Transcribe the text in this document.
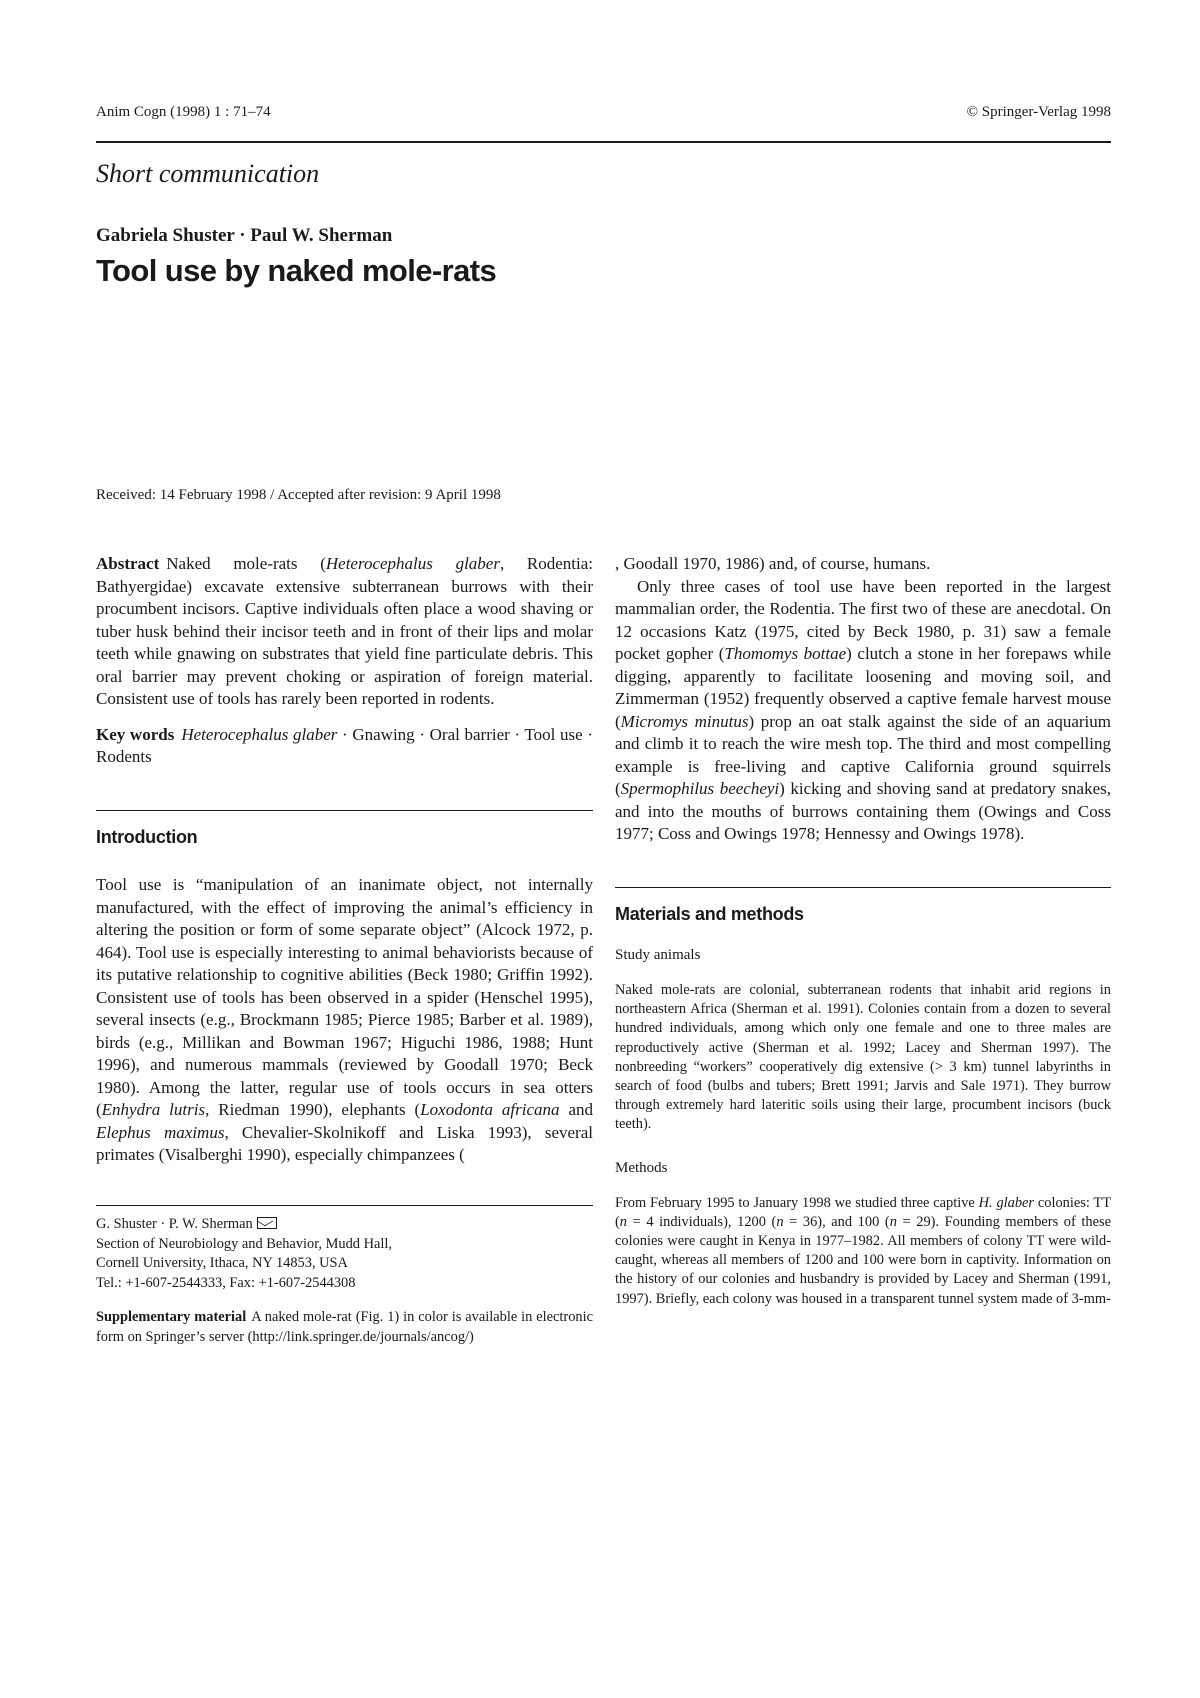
Anim Cogn (1998) 1 : 71–74	© Springer-Verlag 1998
Short communication
Gabriela Shuster · Paul W. Sherman
Tool use by naked mole-rats
Received: 14 February 1998 / Accepted after revision: 9 April 1998

Abstract Naked mole-rats (Heterocephalus glaber, Rodentia: Bathyergidae) excavate extensive subterranean burrows with their procumbent incisors. Captive individuals often place a wood shaving or tuber husk behind their incisor teeth and in front of their lips and molar teeth while gnawing on substrates that yield fine particulate debris. This oral barrier may prevent choking or aspiration of foreign material. Consistent use of tools has rarely been reported in rodents.

Key words Heterocephalus glaber · Gnawing · Oral barrier · Tool use · Rodents

Introduction

Tool use is “manipulation of an inanimate object, not internally manufactured, with the effect of improving the animal’s efficiency in altering the position or form of some separate object” (Alcock 1972, p. 464). Tool use is especially interesting to animal behaviorists because of its putative relationship to cognitive abilities (Beck 1980; Griffin 1992). Consistent use of tools has been observed in a spider (Henschel 1995), several insects (e.g., Brockmann 1985; Pierce 1985; Barber et al. 1989), birds (e.g., Millikan and Bowman 1967; Higuchi 1986, 1988; Hunt 1996), and numerous mammals (reviewed by Goodall 1970; Beck 1980). Among the latter, regular use of tools occurs in sea otters (Enhydra lutris, Riedman 1990), elephants (Loxodonta africana and Elephus maximus, Chevalier-Skolnikoff and Liska 1993), several primates (Visalberghi 1990), especially chimpanzees (

G. Shuster · P. W. Sherman
Section of Neurobiology and Behavior, Mudd Hall,
Cornell University, Ithaca, NY 14853, USA
Tel.: +1-607-2544333, Fax: +1-607-2544308

Supplementary material A naked mole-rat (Fig. 1) in color is available in electronic form on Springer’s server (http://link.springer.de/journals/ancog/)

, Goodall 1970, 1986) and, of course, humans.

Only three cases of tool use have been reported in the largest mammalian order, the Rodentia. The first two of these are anecdotal. On 12 occasions Katz (1975, cited by Beck 1980, p. 31) saw a female pocket gopher (Thomomys bottae) clutch a stone in her forepaws while digging, apparently to facilitate loosening and moving soil, and Zimmerman (1952) frequently observed a captive female harvest mouse (Micromys minutus) prop an oat stalk against the side of an aquarium and climb it to reach the wire mesh top. The third and most compelling example is free-living and captive California ground squirrels (Spermophilus beecheyi) kicking and shoving sand at predatory snakes, and into the mouths of burrows containing them (Owings and Coss 1977; Coss and Owings 1978; Hennessy and Owings 1978).

Materials and methods
Study animals

Naked mole-rats are colonial, subterranean rodents that inhabit arid regions in northeastern Africa (Sherman et al. 1991). Colonies contain from a dozen to several hundred individuals, among which only one female and one to three males are reproductively active (Sherman et al. 1992; Lacey and Sherman 1997). The nonbreeding “workers” cooperatively dig extensive (> 3 km) tunnel labyrinths in search of food (bulbs and tubers; Brett 1991; Jarvis and Sale 1971). They burrow through extremely hard lateritic soils using their large, procumbent incisors (buck teeth).

Methods

From February 1995 to January 1998 we studied three captive H. glaber colonies: TT (n = 4 individuals), 1200 (n = 36), and 100 (n = 29). Founding members of these colonies were caught in Kenya in 1977–1982. All members of colony TT were wild-caught, whereas all members of 1200 and 100 were born in captivity. Information on the history of our colonies and husbandry is provided by Lacey and Sherman (1991, 1997). Briefly, each colony was housed in a transparent tunnel system made of 3-mm-
